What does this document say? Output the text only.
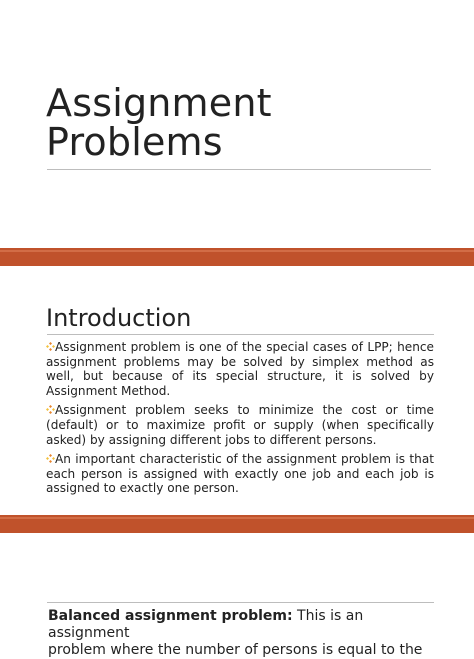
Assignment
Problems
Introduction
Assignment problem is one of the special cases of LPP; hence assignment problems may be solved by simplex method as well, but because of its special structure, it is solved by Assignment Method.
Assignment problem seeks to minimize the cost or time (default) or to maximize profit or supply (when specifically asked) by assigning different jobs to different persons.
An important characteristic of the assignment problem is that each person is assigned with exactly one job and each job is assigned to exactly one person.
Balanced assignment problem: This is an assignment
problem where the number of persons is equal to the
